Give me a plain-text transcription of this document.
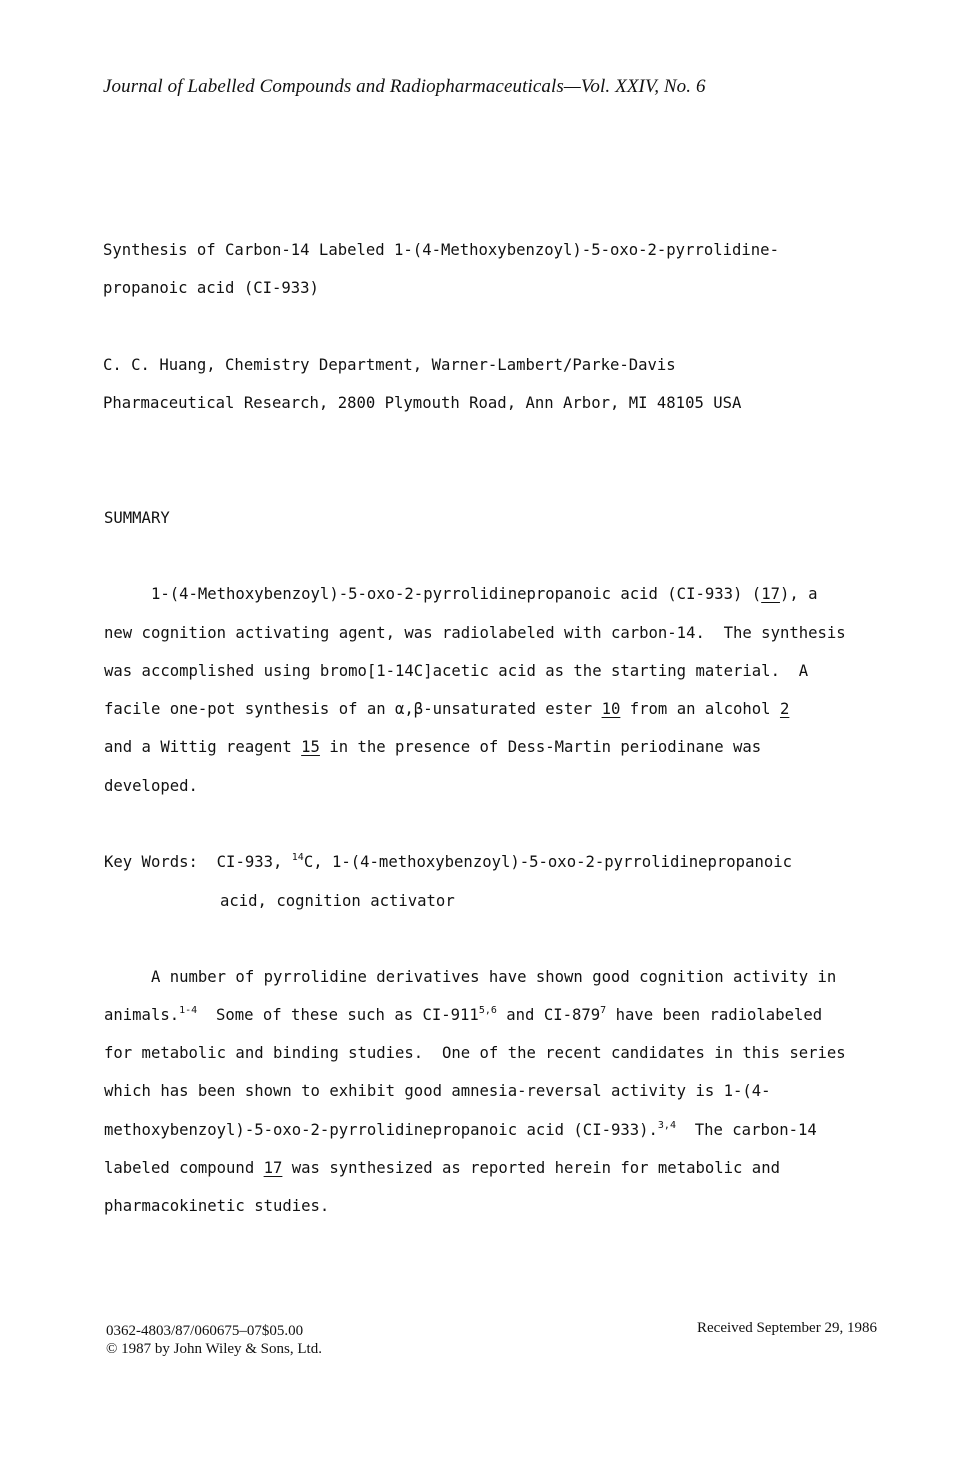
Journal of Labelled Compounds and Radiopharmaceuticals—Vol. XXIV, No. 6
Synthesis of Carbon-14 Labeled 1-(4-Methoxybenzoyl)-5-oxo-2-pyrrolidine-
propanoic acid (CI-933)
C. C. Huang, Chemistry Department, Warner-Lambert/Parke-Davis
Pharmaceutical Research, 2800 Plymouth Road, Ann Arbor, MI 48105 USA
SUMMARY
1-(4-Methoxybenzoyl)-5-oxo-2-pyrrolidinepropanoic acid (CI-933) (17), a
new cognition activating agent, was radiolabeled with carbon-14.  The synthesis
was accomplished using bromo[1-14C]acetic acid as the starting material.  A
facile one-pot synthesis of an α,β-unsaturated ester 10 from an alcohol 2
and a Wittig reagent 15 in the presence of Dess-Martin periodinane was
developed.
Key Words:  CI-933, $^{14}$C, 1-(4-methoxybenzoyl)-5-oxo-2-pyrrolidinepropanoic
acid, cognition activator
A number of pyrrolidine derivatives have shown good cognition activity in
animals.$^{1-4}$  Some of these such as CI-911$^{5,6}$ and $CI-879^7$ have been radiolabeled
for metabolic and binding studies.  One of the recent candidates in this series
which has been shown to exhibit good amnesia-reversal activity is 1-(4-
methoxybenzoyl)-5-oxo-2-pyrrolidinepropanoic acid (CI-933).$^{3,4}$  The carbon-14
labeled compound 17 was synthesized as reported herein for metabolic and
pharmacokinetic studies.
0362-4803/87/060675–07$05.00
© 1987 by John Wiley & Sons, Ltd.
Received September 29, 1986
